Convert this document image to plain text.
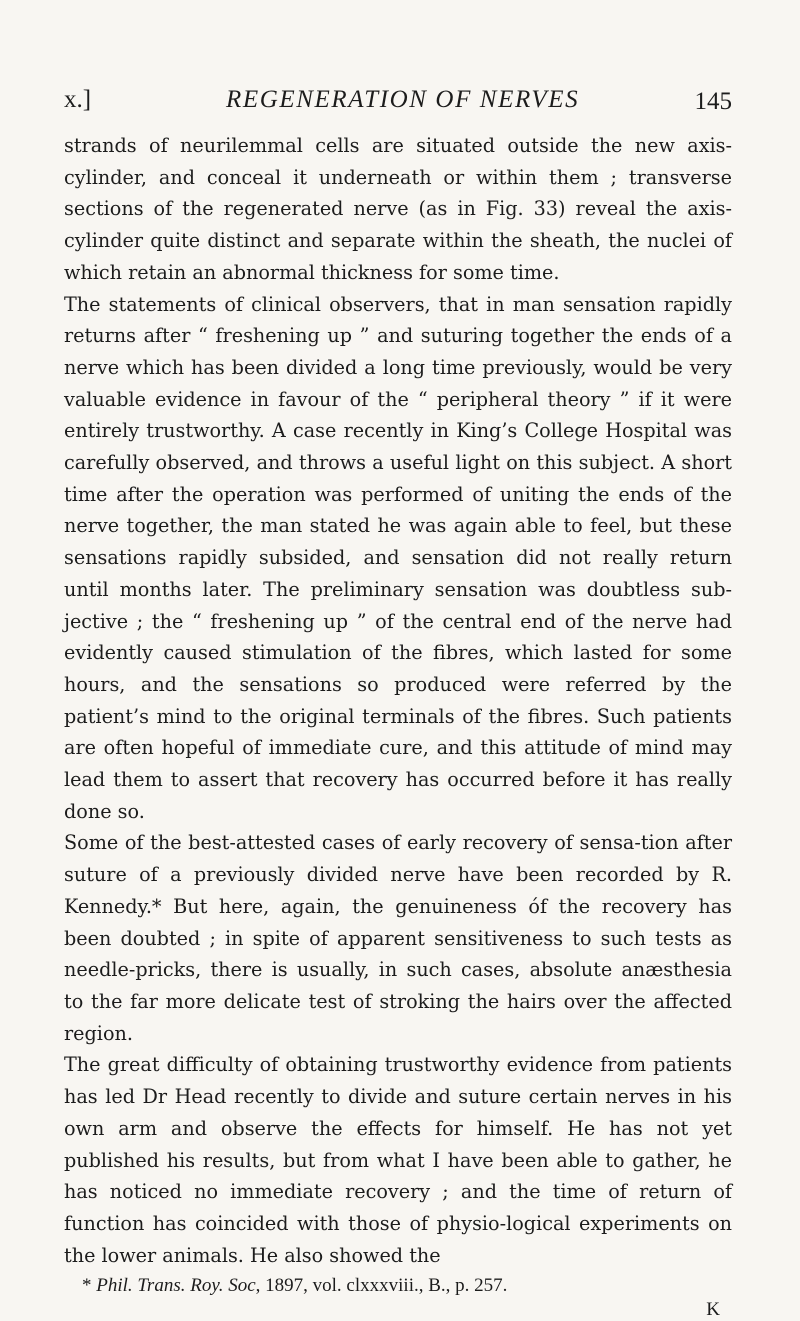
x.]	REGENERATION OF NERVES	145

strands of neurilemmal cells are situated outside the new axis-cylinder, and conceal it underneath or within them ; transverse sections of the regenerated nerve (as in Fig. 33) reveal the axis-cylinder quite distinct and separate within the sheath, the nuclei of which retain an abnormal thickness for some time.

The statements of clinical observers, that in man sensation rapidly returns after “ freshening up ” and suturing together the ends of a nerve which has been divided a long time previously, would be very valuable evidence in favour of the “ peripheral theory ” if it were entirely trustworthy. A case recently in King’s College Hospital was carefully observed, and throws a useful light on this subject. A short time after the operation was performed of uniting the ends of the nerve together, the man stated he was again able to feel, but these sensations rapidly subsided, and sensation did not really return until months later. The preliminary sensation was doubtless sub-jective ; the “ freshening up ” of the central end of the nerve had evidently caused stimulation of the fibres, which lasted for some hours, and the sensations so produced were referred by the patient’s mind to the original terminals of the fibres. Such patients are often hopeful of immediate cure, and this attitude of mind may lead them to assert that recovery has occurred before it has really done so.

Some of the best-attested cases of early recovery of sensa-tion after suture of a previously divided nerve have been recorded by R. Kennedy.* But here, again, the genuineness óf the recovery has been doubted ; in spite of apparent sensitiveness to such tests as needle-pricks, there is usually, in such cases, absolute anæsthesia to the far more delicate test of stroking the hairs over the affected region.

The great difficulty of obtaining trustworthy evidence from patients has led Dr Head recently to divide and suture certain nerves in his own arm and observe the effects for himself. He has not yet published his results, but from what I have been able to gather, he has noticed no immediate recovery ; and the time of return of function has coincided with those of physio-logical experiments on the lower animals. He also showed the

* Phil. Trans. Roy. Soc, 1897, vol. clxxxviii., B., p. 257.
K
